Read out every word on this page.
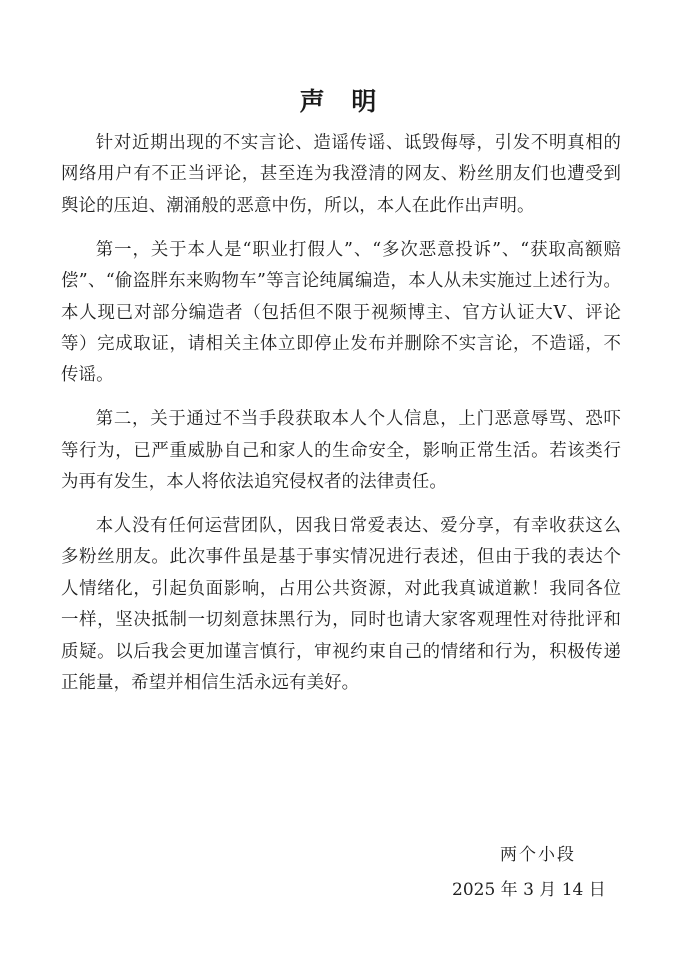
声 明

针对近期出现的不实言论、造谣传谣、诋毁侮辱，引发不明真相的网络用户有不正当评论，甚至连为我澄清的网友、粉丝朋友们也遭受到舆论的压迫、潮涌般的恶意中伤，所以，本人在此作出声明。

第一，关于本人是“职业打假人”、“多次恶意投诉”、“获取高额赔偿”、“偷盗胖东来购物车”等言论纯属编造，本人从未实施过上述行为。本人现已对部分编造者（包括但不限于视频博主、官方认证大V、评论等）完成取证，请相关主体立即停止发布并删除不实言论，不造谣，不传谣。

第二，关于通过不当手段获取本人个人信息，上门恶意辱骂、恐吓等行为，已严重威胁自己和家人的生命安全，影响正常生活。若该类行为再有发生，本人将依法追究侵权者的法律责任。

本人没有任何运营团队，因我日常爱表达、爱分享，有幸收获这么多粉丝朋友。此次事件虽是基于事实情况进行表述，但由于我的表达个人情绪化，引起负面影响，占用公共资源，对此我真诚道歉！我同各位一样，坚决抵制一切刻意抹黑行为，同时也请大家客观理性对待批评和质疑。以后我会更加谨言慎行，审视约束自己的情绪和行为，积极传递正能量，希望并相信生活永远有美好。

两个小段

2025 年 3 月 14 日
